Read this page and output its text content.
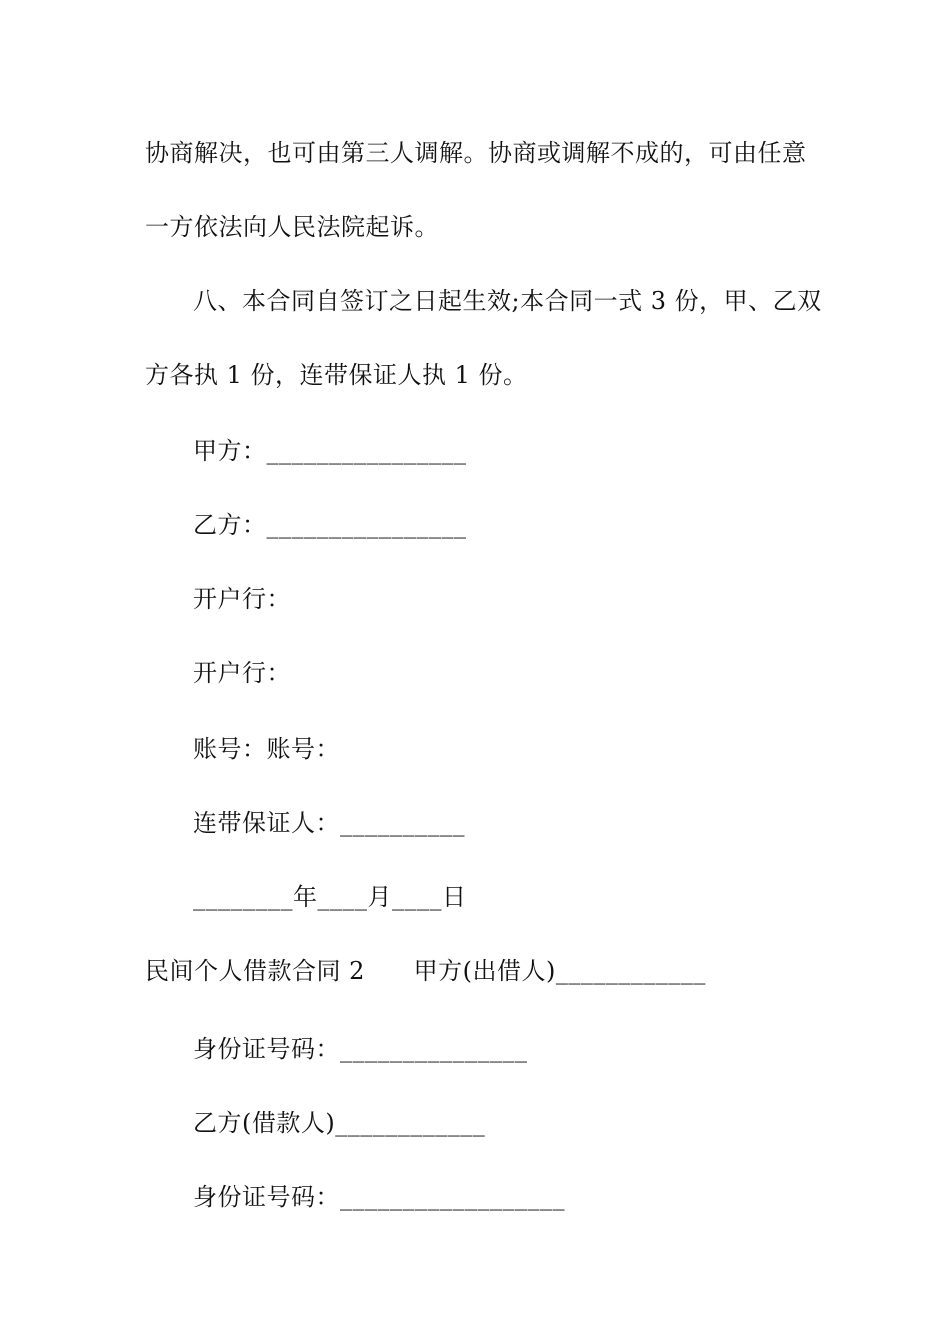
协商解决，也可由第三人调解。协商或调解不成的，可由任意
一方依法向人民法院起诉。
八、本合同自签订之日起生效;本合同一式 3 份，甲、乙双
方各执 1 份，连带保证人执 1 份。
甲方：________________
乙方：________________
开户行：
开户行：
账号：账号：
连带保证人：__________
________年____月____日
民间个人借款合同 2      甲方(出借人)____________
身份证号码：_______________
乙方(借款人)____________
身份证号码：__________________
